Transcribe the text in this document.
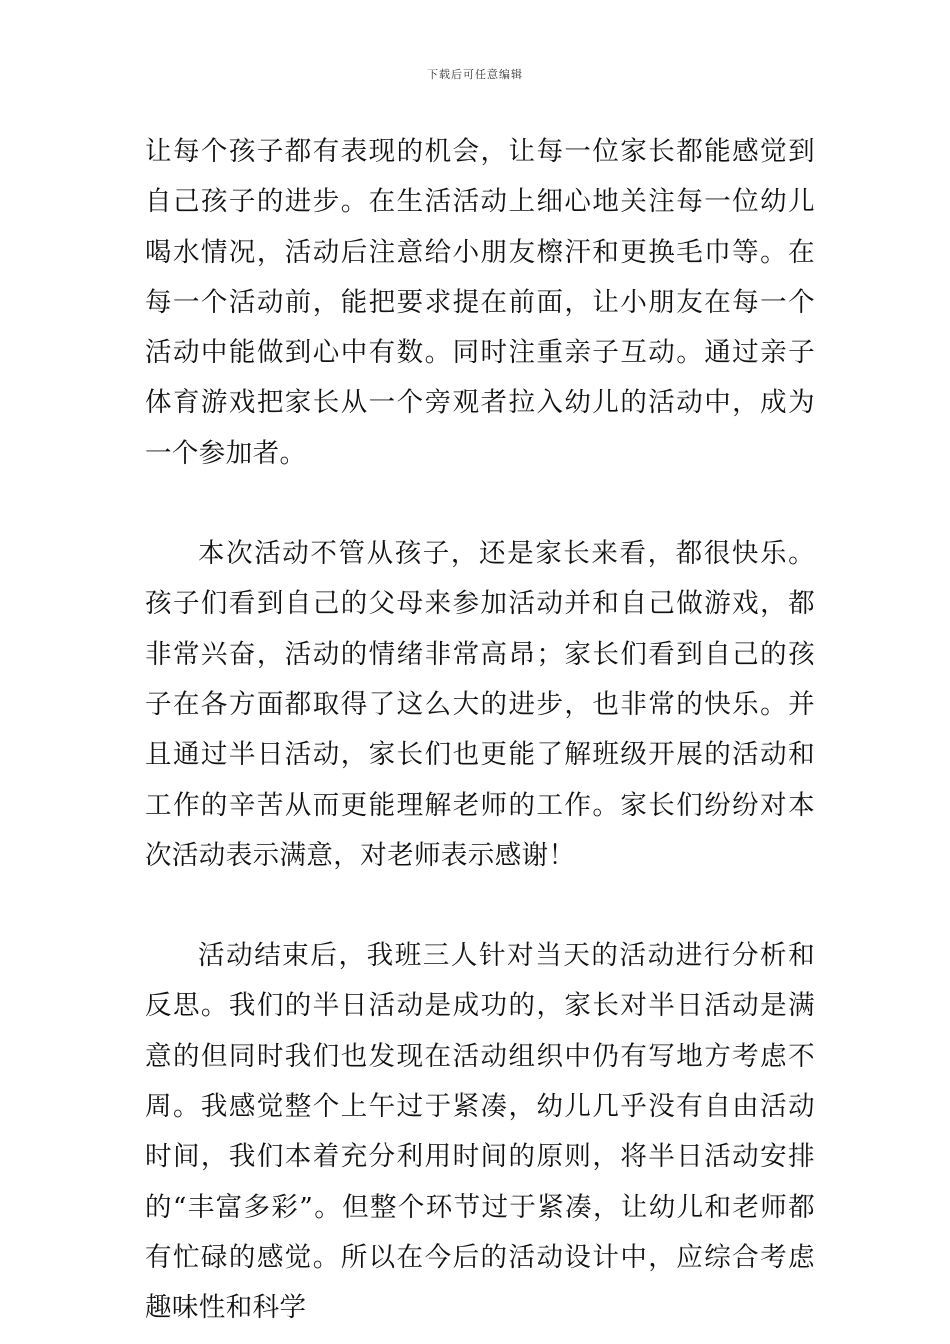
下载后可任意编辑

让每个孩子都有表现的机会，让每一位家长都能感觉到自己孩子的进步。在生活活动上细心地关注每一位幼儿喝水情况，活动后注意给小朋友檫汗和更换毛巾等。在每一个活动前，能把要求提在前面，让小朋友在每一个活动中能做到心中有数。同时注重亲子互动。通过亲子体育游戏把家长从一个旁观者拉入幼儿的活动中，成为一个参加者。

本次活动不管从孩子，还是家长来看，都很快乐。孩子们看到自己的父母来参加活动并和自己做游戏，都非常兴奋，活动的情绪非常高昂；家长们看到自己的孩子在各方面都取得了这么大的进步，也非常的快乐。并且通过半日活动，家长们也更能了解班级开展的活动和工作的辛苦从而更能理解老师的工作。家长们纷纷对本次活动表示满意，对老师表示感谢！

活动结束后，我班三人针对当天的活动进行分析和反思。我们的半日活动是成功的，家长对半日活动是满意的但同时我们也发现在活动组织中仍有写地方考虑不周。我感觉整个上午过于紧凑，幼儿几乎没有自由活动时间，我们本着充分利用时间的原则，将半日活动安排的“丰富多彩”。但整个环节过于紧凑，让幼儿和老师都有忙碌的感觉。所以在今后的活动设计中，应综合考虑趣味性和科学
